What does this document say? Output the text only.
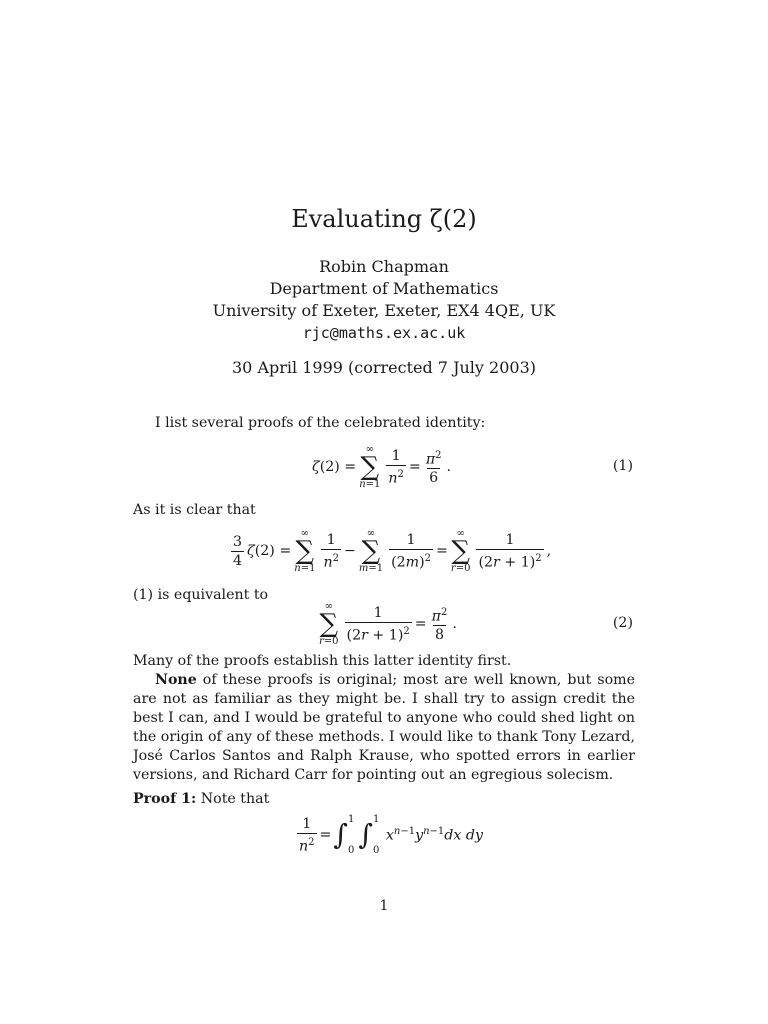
Evaluating ζ(2)
Robin Chapman
Department of Mathematics
University of Exeter, Exeter, EX4 4QE, UK
rjc@maths.ex.ac.uk
30 April 1999 (corrected 7 July 2003)
I list several proofs of the celebrated identity:
ζ(2) =
∞
∑
$n=1 \frac{1}{n^2} = \frac{\pi^2}{6}$ .	(1)
As it is clear that
$\frac{3}{4} \zeta(2)$ =
∞
∑
$n=1 \frac{1}{n^2}$ −
∞
∑
$m=1 \frac{1}{(2m)^2}$ =
∞
∑
$r=0 \frac{1}{(2r + 1)^2}$ ,
(1) is equivalent to
∞
∑
$r=0 \frac{1}{(2r + 1)^2} = \frac{\pi^2}{8}$ .	(2)
Many of the proofs establish this latter identity first.
None of these proofs is original; most are well known, but some are not as familiar as they might be. I shall try to assign credit the best I can, and I would be grateful to anyone who could shed light on the origin of any of these methods. I would like to thank Tony Lezard, José Carlos Santos and Ralph Krause, who spotted errors in earlier versions, and Richard Carr for pointing out an egregious solecism.
Proof 1: Note that
$\frac{1}{n^2}$ = ∫ 1
0 ∫ 1
0
$x^{n-1}y^{n-1}dx$ dy
1
